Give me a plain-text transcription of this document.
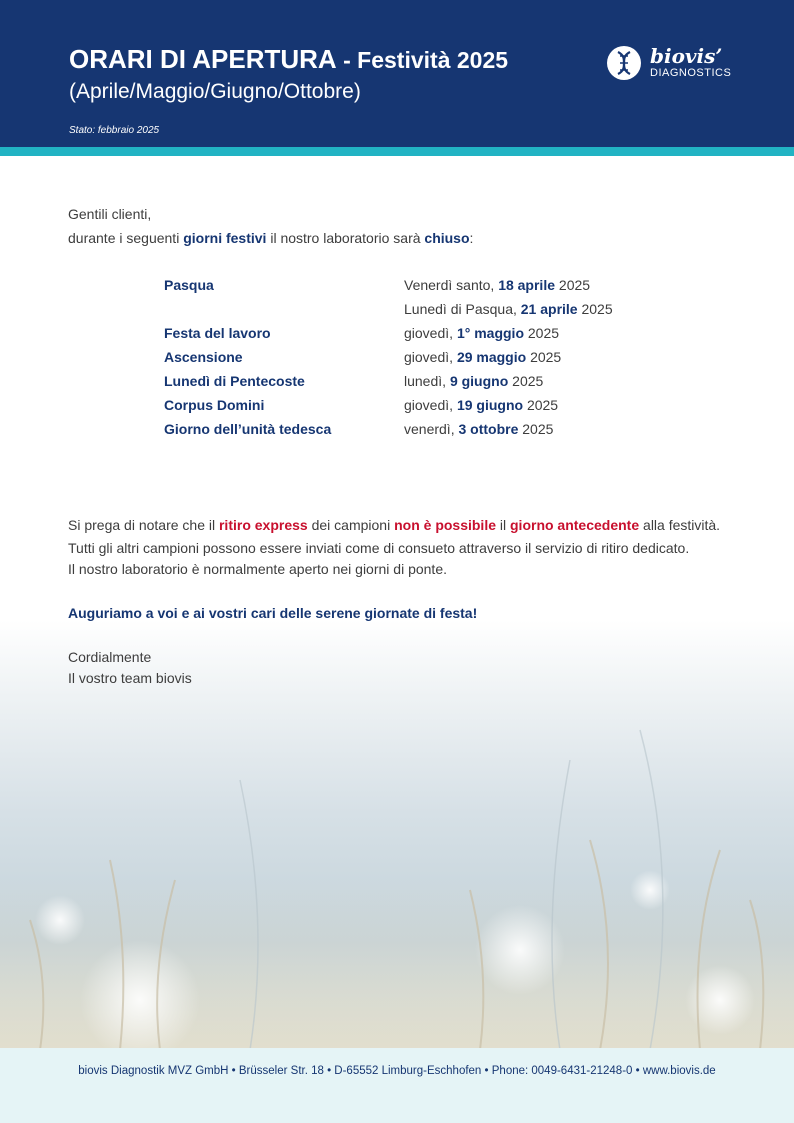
ORARI DI APERTURA - Festività 2025
(Aprile/Maggio/Giugno/Ottobre)
Stato: febbraio 2025
biovis’
DIAGNOSTICS
Gentili clienti,
durante i seguenti giorni festivi il nostro laboratorio sarà chiuso:
Pasqua	Venerdì santo, 18 aprile 2025
Lunedì di Pasqua, 21 aprile 2025
Festa del lavoro	giovedì, 1° maggio 2025
Ascensione	giovedì, 29 maggio 2025
Lunedì di Pentecoste	lunedì, 9 giugno 2025
Corpus Domini	giovedì, 19 giugno 2025
Giorno dell’unità tedesca	venerdì, 3 ottobre 2025
Si prega di notare che il ritiro express dei campioni non è possibile il giorno antecedente alla festività.
Tutti gli altri campioni possono essere inviati come di consueto attraverso il servizio di ritiro dedicato.
Il nostro laboratorio è normalmente aperto nei giorni di ponte.
Auguriamo a voi e ai vostri cari delle serene giornate di festa!
Cordialmente
Il vostro team biovis
biovis Diagnostik MVZ GmbH • Brüsseler Str. 18 • D-65552 Limburg-Eschhofen • Phone: 0049-6431-21248-0 • www.biovis.de
